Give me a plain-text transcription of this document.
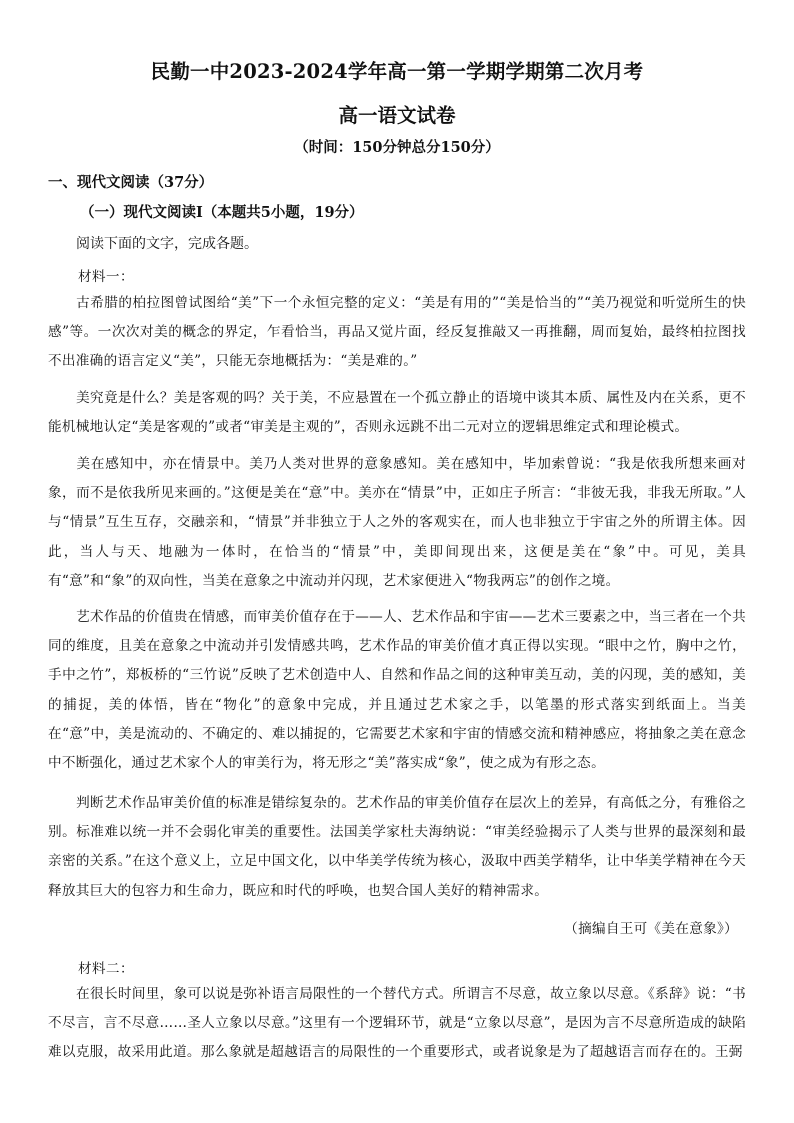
民勤一中2023-2024学年高一第一学期学期第二次月考
高一语文试卷
（时间：150分钟总分150分）
一、现代文阅读（37分）
（一）现代文阅读Ⅰ（本题共5小题，19分）
阅读下面的文字，完成各题。
材料一：

古希腊的柏拉图曾试图给“美”下一个永恒完整的定义：“美是有用的”“美是恰当的”“美乃视觉和听觉所生的快感”等。一次次对美的概念的界定，乍看恰当，再品又觉片面，经反复推敲又一再推翻，周而复始，最终柏拉图找不出准确的语言定义“美”，只能无奈地概括为：“美是难的。”

美究竟是什么？美是客观的吗？关于美，不应悬置在一个孤立静止的语境中谈其本质、属性及内在关系，更不能机械地认定“美是客观的”或者“审美是主观的”，否则永远跳不出二元对立的逻辑思维定式和理论模式。

美在感知中，亦在情景中。美乃人类对世界的意象感知。美在感知中，毕加索曾说：“我是依我所想来画对象，而不是依我所见来画的。”这便是美在“意”中。美亦在“情景”中，正如庄子所言：“非彼无我，非我无所取。”人与“情景”互生互存，交融亲和，“情景”并非独立于人之外的客观实在，而人也非独立于宇宙之外的所谓主体。因此，当人与天、地融为一体时，在恰当的“情景”中，美即间现出来，这便是美在“象”中。可见，美具有“意”和“象”的双向性，当美在意象之中流动并闪现，艺术家便进入“物我两忘”的创作之境。

艺术作品的价值贵在情感，而审美价值存在于——人、艺术作品和宇宙——艺术三要素之中，当三者在一个共同的维度，且美在意象之中流动并引发情感共鸣，艺术作品的审美价值才真正得以实现。“眼中之竹，胸中之竹，手中之竹”，郑板桥的“三竹说”反映了艺术创造中人、自然和作品之间的这种审美互动，美的闪现，美的感知，美的捕捉，美的体悟，皆在“物化”的意象中完成，并且通过艺术家之手，以笔墨的形式落实到纸面上。当美在“意”中，美是流动的、不确定的、难以捕捉的，它需要艺术家和宇宙的情感交流和精神感应，将抽象之美在意念中不断强化，通过艺术家个人的审美行为，将无形之“美”落实成“象”，使之成为有形之态。

判断艺术作品审美价值的标准是错综复杂的。艺术作品的审美价值存在层次上的差异，有高低之分，有雅俗之别。标准难以统一并不会弱化审美的重要性。法国美学家杜夫海纳说：“审美经验揭示了人类与世界的最深刻和最亲密的关系。”在这个意义上，立足中国文化，以中华美学传统为核心，汲取中西美学精华，让中华美学精神在今天释放其巨大的包容力和生命力，既应和时代的呼唤，也契合国人美好的精神需求。

（摘编自王可《美在意象》）
材料二：

在很长时间里，象可以说是弥补语言局限性的一个替代方式。所谓言不尽意，故立象以尽意。《系辞》说：“书不尽言，言不尽意……圣人立象以尽意。”这里有一个逻辑环节，就是“立象以尽意”，是因为言不尽意所造成的缺陷难以克服，故采用此道。那么象就是超越语言的局限性的一个重要形式，或者说象是为了超越语言而存在的。王弼
